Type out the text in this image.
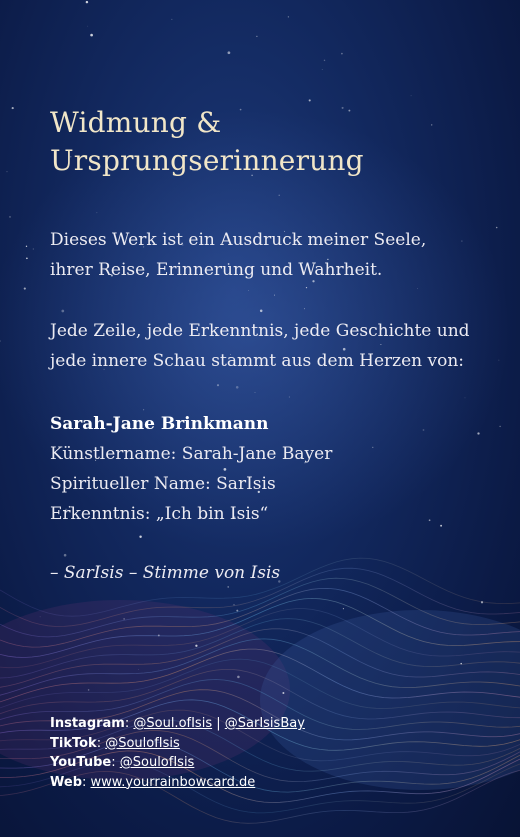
Widmung &
Ursprungserinnerung

Dieses Werk ist ein Ausdruck meiner Seele,
ihrer Reise, Erinnerung und Wahrheit.

Jede Zeile, jede Erkenntnis, jede Geschichte und
jede innere Schau stammt aus dem Herzen von:

Sarah-Jane Brinkmann
Künstlername: Sarah-Jane Bayer
Spiritueller Name: SarIsis
Erkenntnis: „Ich bin Isis“

– SarIsis – Stimme von Isis

Instagram: @Soul.ofIsis | @SarIsisBay
TikTok: @SoulofIsis
YouTube: @SoulofIsis
Web: www.yourrainbowcard.de
